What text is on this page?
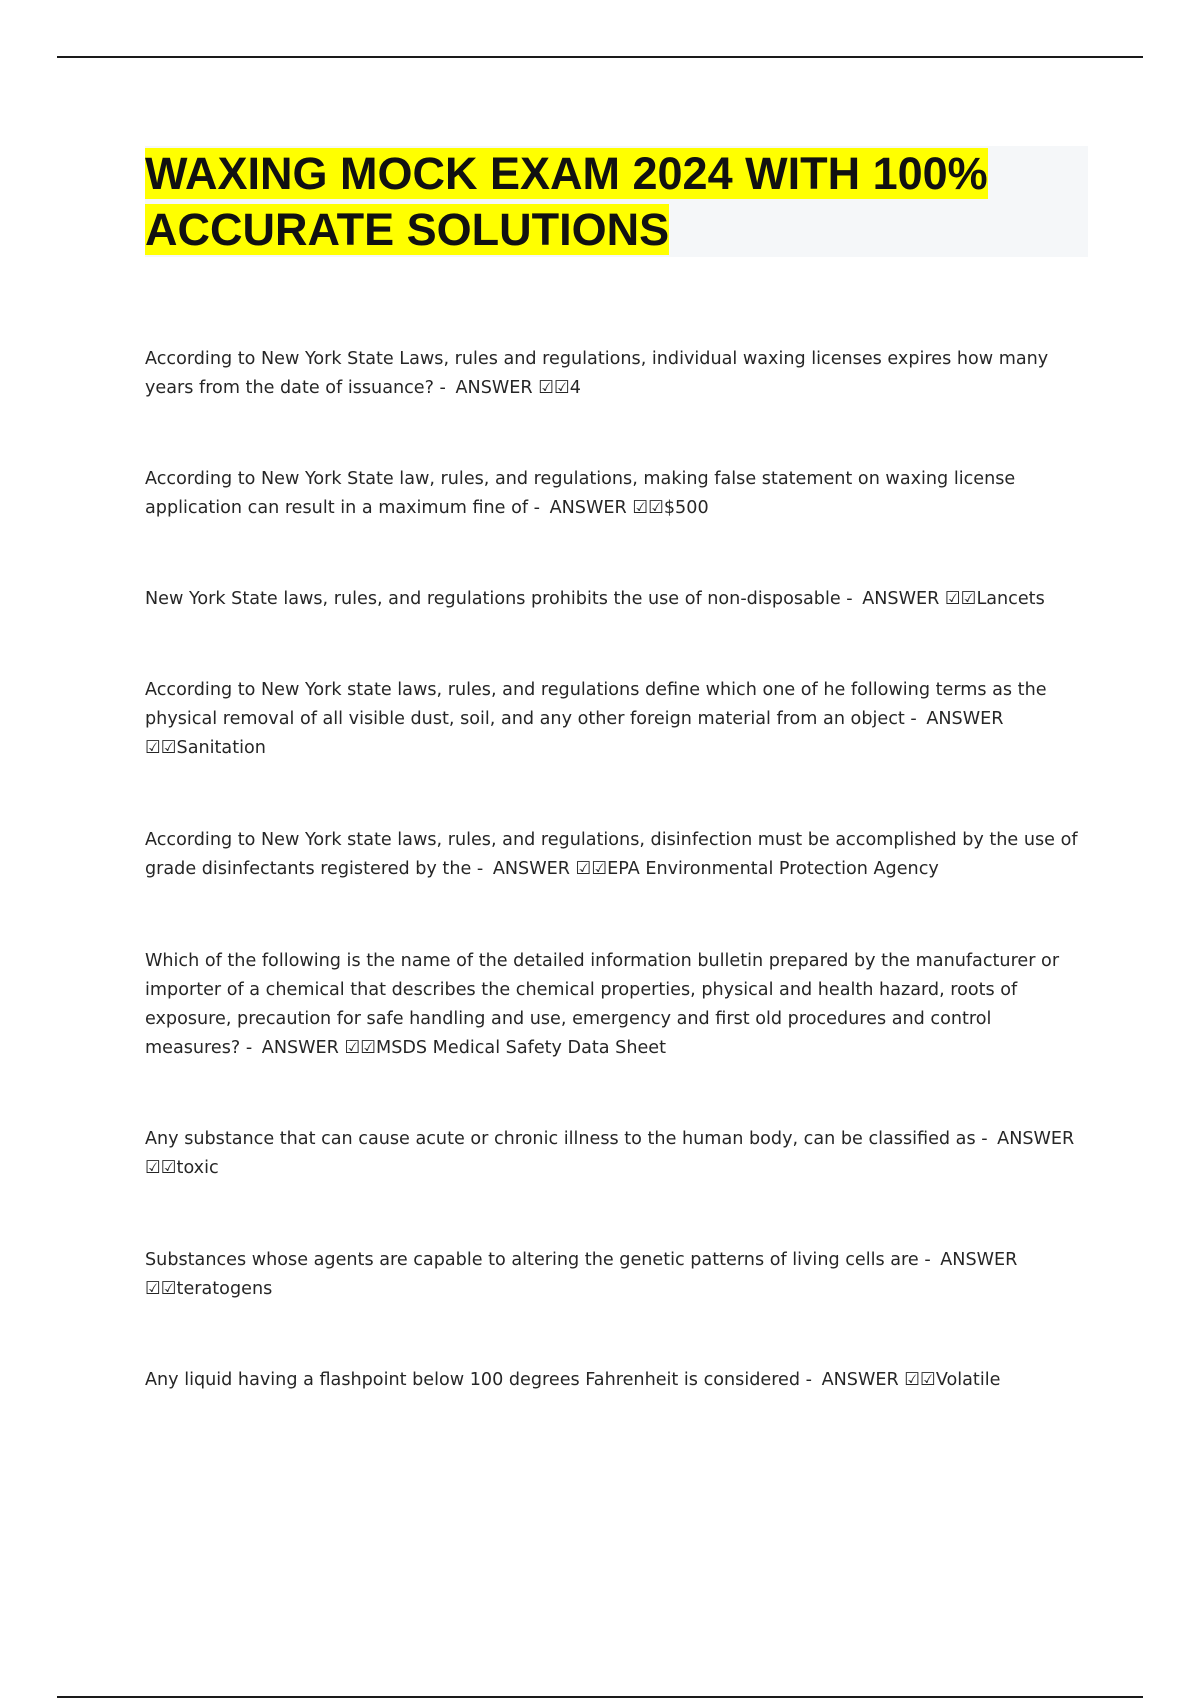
WAXING MOCK EXAM 2024 WITH 100% ACCURATE SOLUTIONS

According to New York State Laws, rules and regulations, individual waxing licenses expires how many years from the date of issuance? - ANSWER ☑☑4

According to New York State law, rules, and regulations, making false statement on waxing license application can result in a maximum fine of - ANSWER ☑☑$500

New York State laws, rules, and regulations prohibits the use of non-disposable - ANSWER ☑☑Lancets

According to New York state laws, rules, and regulations define which one of he following terms as the physical removal of all visible dust, soil, and any other foreign material from an object - ANSWER ☑☑Sanitation

According to New York state laws, rules, and regulations, disinfection must be accomplished by the use of grade disinfectants registered by the - ANSWER ☑☑EPA Environmental Protection Agency

Which of the following is the name of the detailed information bulletin prepared by the manufacturer or importer of a chemical that describes the chemical properties, physical and health hazard, roots of exposure, precaution for safe handling and use, emergency and first old procedures and control measures? - ANSWER ☑☑MSDS Medical Safety Data Sheet

Any substance that can cause acute or chronic illness to the human body, can be classified as - ANSWER ☑☑toxic

Substances whose agents are capable to altering the genetic patterns of living cells are - ANSWER ☑☑teratogens

Any liquid having a flashpoint below 100 degrees Fahrenheit is considered - ANSWER ☑☑Volatile
